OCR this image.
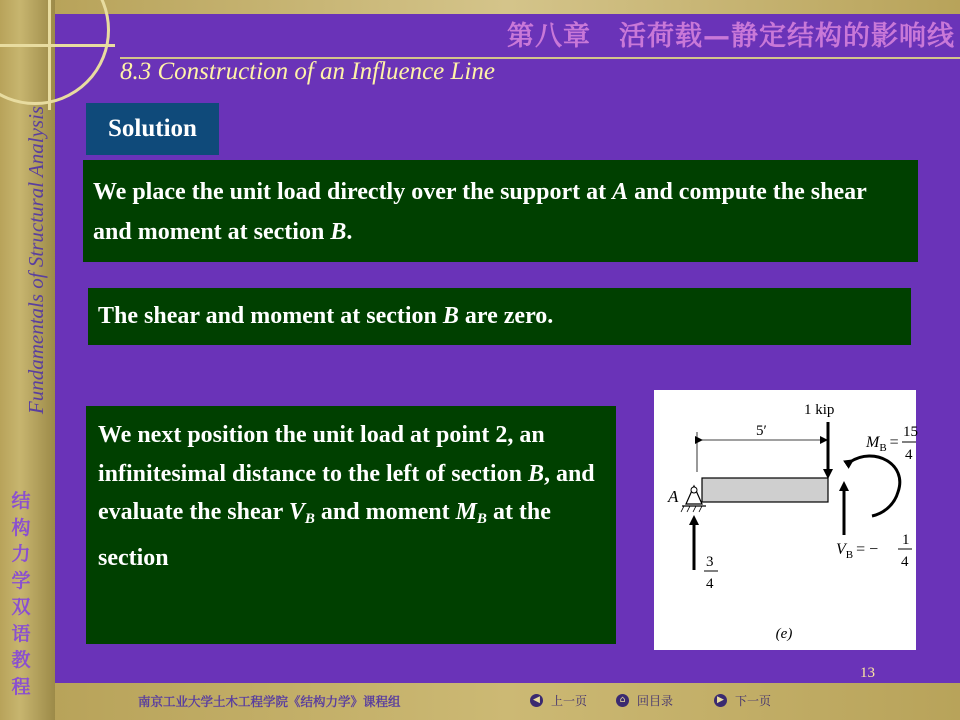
Fundamentals of Structural Analysis
结构力学双语教程
第八章　活荷载—静定结构的影响线
8.3 Construction of an Influence Line
Solution
We place the unit load directly over the support at A and compute the shear and moment at section B.
The shear and moment at section B are zero.
We next position the unit load at point 2, an infinitesimal distance to the left of section B, and evaluate the shear $V_B$ and moment $M_B$ at the section
1 kip
5′
A
3
4
$M_B$ =
15
4
$V_B$ = −
1
4
(e)
13
南京工业大学土木工程学院《结构力学》课程组	◀ 上一页	⌂ 回目录	▶ 下一页
